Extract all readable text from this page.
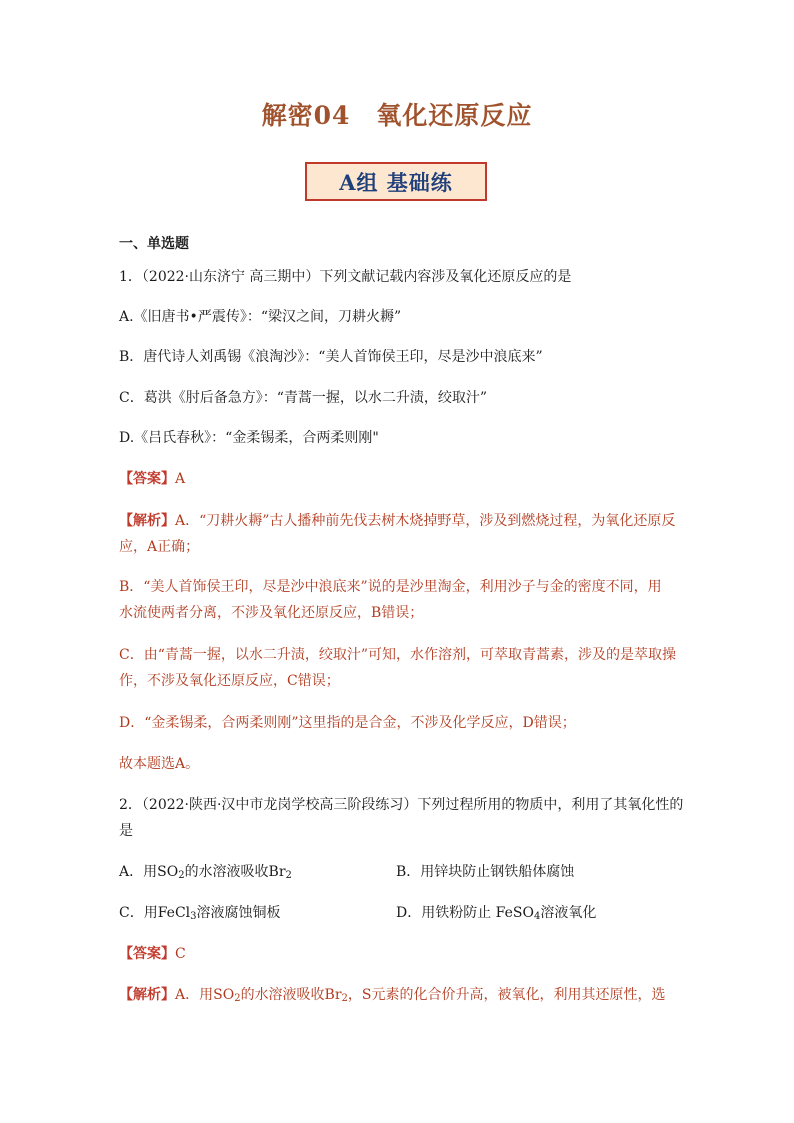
解密04　氧化还原反应
A组 基础练
一、单选题
1．（2022·山东济宁 高三期中）下列文献记载内容涉及氧化还原反应的是
A.《旧唐书•严震传》：“梁汉之间，刀耕火耨”
B．唐代诗人刘禹锡《浪淘沙》：“美人首饰侯王印，尽是沙中浪底来”
C．葛洪《肘后备急方》：“青蒿一握，以水二升渍，绞取汁”
D.《吕氏春秋》：“金柔锡柔，合两柔则刚"
【答案】A
【解析】A．“刀耕火耨”古人播种前先伐去树木烧掉野草，涉及到燃烧过程，为氧化还原反
应，A正确；
B．“美人首饰侯王印，尽是沙中浪底来”说的是沙里淘金，利用沙子与金的密度不同，用
水流使两者分离，不涉及氧化还原反应，B错误；
C．由“青蒿一握，以水二升渍，绞取汁”可知，水作溶剂，可萃取青蒿素，涉及的是萃取操
作，不涉及氧化还原反应，C错误；
D．“金柔锡柔，合两柔则刚”这里指的是合金，不涉及化学反应，D错误；
故本题选A。
2．（2022·陕西·汉中市龙岗学校高三阶段练习）下列过程所用的物质中，利用了其氧化性的
是
A．用$SO_2$的水溶液吸收$Br_2$	B．用锌块防止钢铁船体腐蚀
C．用FeCl$_3$溶液腐蚀铜板	D．用铁粉防止 FeSO$_4$溶液氧化
【答案】C
【解析】A．用$SO_2$的水溶液吸收$Br_2$，S元素的化合价升高，被氧化，利用其还原性，选
